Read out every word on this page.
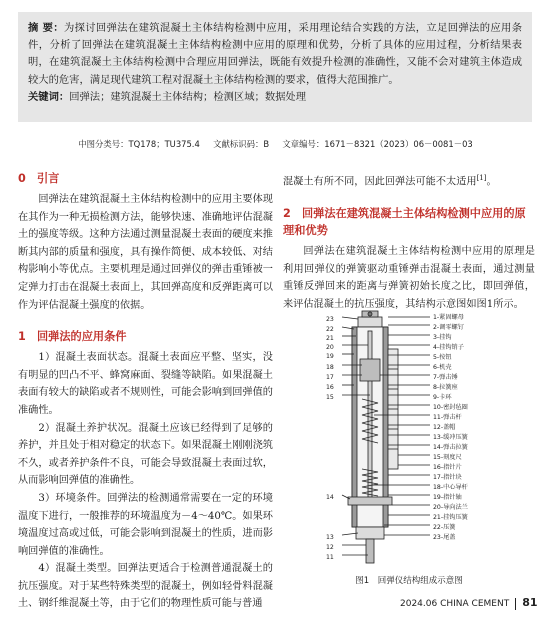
摘 要：为探讨回弹法在建筑混凝土主体结构检测中应用，采用理论结合实践的方法，立足回弹法的应用条件，分析了回弹法在建筑混凝土主体结构检测中应用的原理和优势，分析了具体的应用过程，分析结果表明，在建筑混凝土主体结构检测中合理应用回弹法，既能有效提升检测的准确性，又能不会对建筑主体造成较大的危害，满足现代建筑工程对混凝土主体结构检测的要求，值得大范围推广。

关键词：回弹法；建筑混凝土主体结构；检测区域；数据处理

中图分类号：TQ178；TU375.4 文献标识码：B 文章编号：1671－8321（2023）06－0081－03
0　引言

回弹法在建筑混凝土主体结构检测中的应用主要体现在其作为一种无损检测方法，能够快速、准确地评估混凝土的强度等级。这种方法通过测量混凝土表面的硬度来推断其内部的质量和强度，具有操作简便、成本较低、对结构影响小等优点。主要机理是通过回弹仪的弹击重锤被一定弹力打击在混凝土表面上，其回弹高度和反弹距离可以作为评估混凝土强度的依据。

1　回弹法的应用条件

1）混凝土表面状态。混凝土表面应平整、坚实，没有明显的凹凸不平、蜂窝麻面、裂缝等缺陷。如果混凝土表面有较大的缺陷或者不规则性，可能会影响到回弹值的准确性。

2）混凝土养护状况。混凝土应该已经得到了足够的养护，并且处于相对稳定的状态下。如果混凝土刚刚浇筑不久，或者养护条件不良，可能会导致混凝土表面过软，从而影响回弹值的准确性。

3）环境条件。回弹法的检测通常需要在一定的环境温度下进行，一般推荐的环境温度为－4～40℃。如果环境温度过高或过低，可能会影响到混凝土的性质，进而影响回弹值的准确性。

4）混凝土类型。回弹法更适合于检测普通混凝土的抗压强度。对于某些特殊类型的混凝土，例如轻骨料混凝土、钢纤维混凝土等，由于它们的物理性质可能与普通

混凝土有所不同，因此回弹法可能不太适用[1]。

2　回弹法在建筑混凝土主体结构检测中应用的原理和优势

回弹法在建筑混凝土主体结构检测中应用的原理是利用回弹仪的弹簧驱动重锤弹击混凝土表面，通过测量重锤反弹回来的距离与弹簧初始长度之比，即回弹值，来评估混凝土的抗压强度，其结构示意图如图1所示。

23
22
21
20
19
18
17
16
15
14
13
12
11
1-紧固螺母
2-调零螺钉
3-挂钩
4-挂钩销子
5-按钮
6-机壳
7-弹击锤
8-拉簧座
9-卡环
10-密封毡圈
11-弹击杆
12-盖帽
13-缓冲压簧
14-弹击拉簧
15-刻度尺
16-指针片
17-指针块
18-中心导杆
19-指针轴
20-导向法兰
21-挂钩压簧
22-压簧
23-尾盖
图1　回弹仪结构组成示意图
2024.06 CHINA CEMENT 81
